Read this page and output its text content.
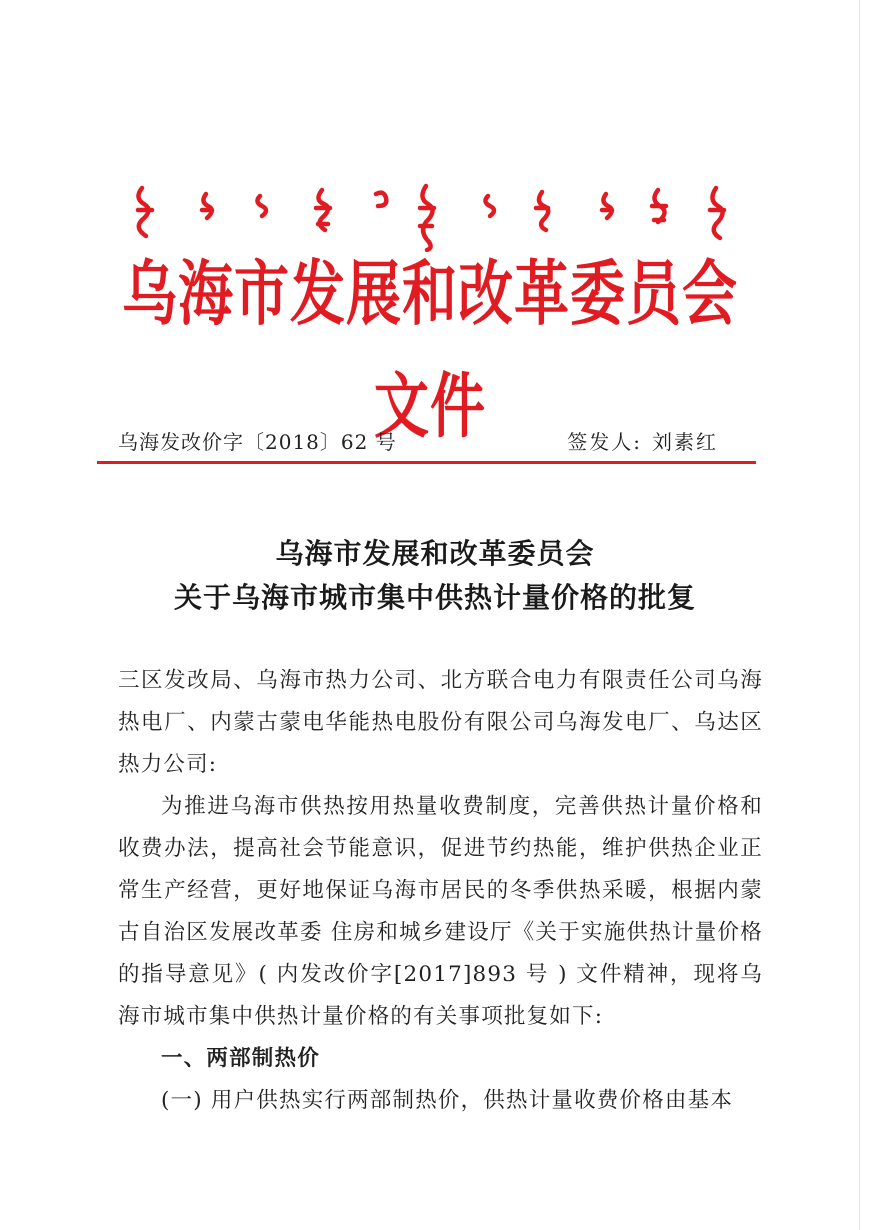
乌海市发展和改革委员会文件
乌海发改价字〔2018〕62 号	签发人: 刘素红
乌海市发展和改革委员会
关于乌海市城市集中供热计量价格的批复

三区发改局、乌海市热力公司、北方联合电力有限责任公司乌海热电厂、内蒙古蒙电华能热电股份有限公司乌海发电厂、乌达区热力公司:

为推进乌海市供热按用热量收费制度，完善供热计量价格和收费办法，提高社会节能意识，促进节约热能，维护供热企业正常生产经营，更好地保证乌海市居民的冬季供热采暖，根据内蒙古自治区发展改革委 住房和城乡建设厅《关于实施供热计量价格的指导意见》( 内发改价字[2017]893 号 ) 文件精神，现将乌海市城市集中供热计量价格的有关事项批复如下:

一、两部制热价

(一) 用户供热实行两部制热价，供热计量收费价格由基本
